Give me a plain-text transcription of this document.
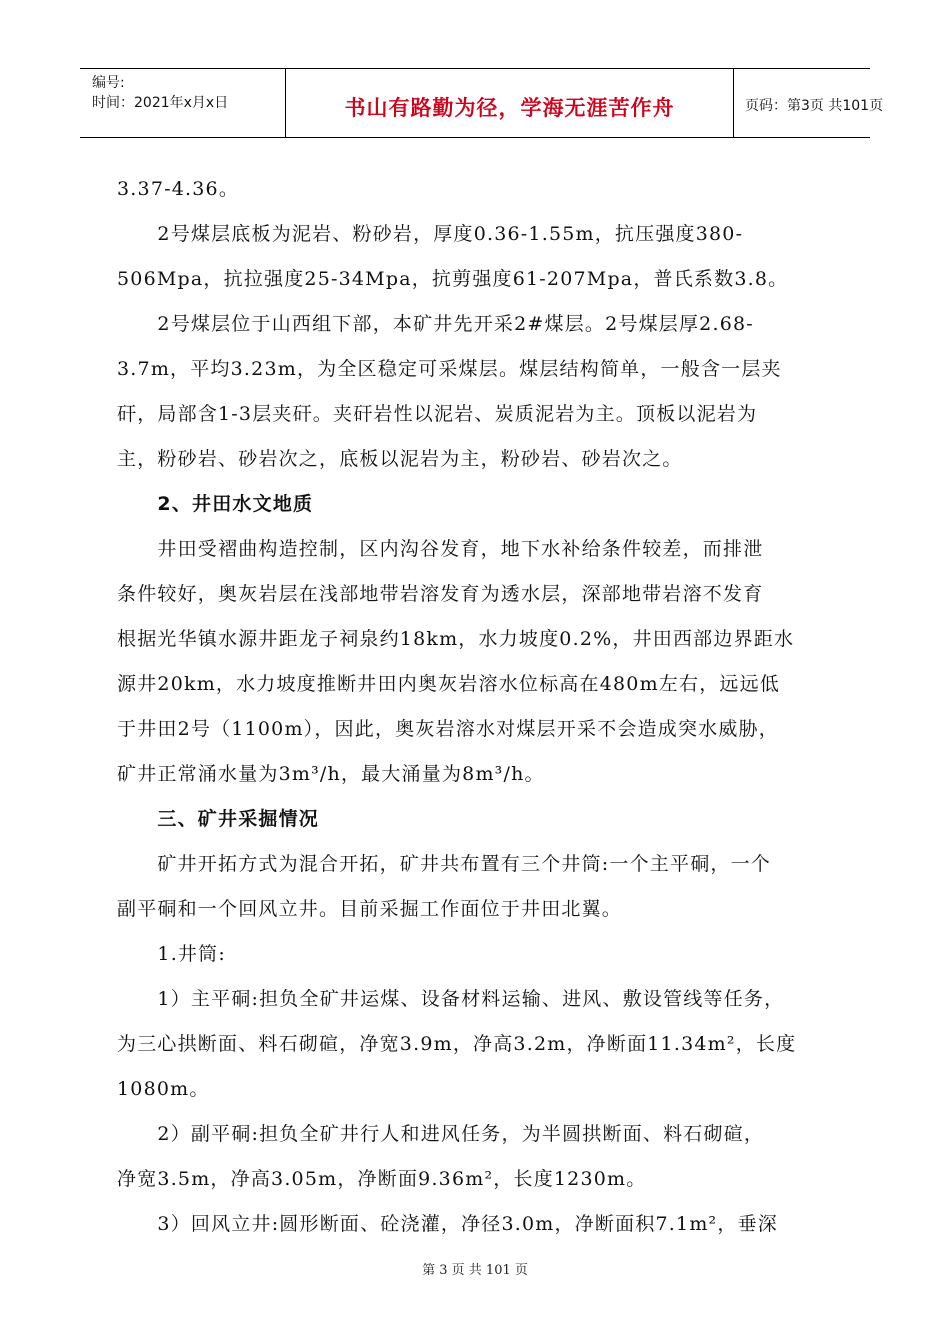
编号:
时间：2021年x月x日	书山有路勤为径，学海无涯苦作舟	页码：第3页 共101页
3.37-4.36。
　　2号煤层底板为泥岩、粉砂岩，厚度0.36-1.55m，抗压强度380-
506Mpa，抗拉强度25-34Mpa，抗剪强度61-207Mpa，普氏系数3.8。
　　2号煤层位于山西组下部，本矿井先开采2#煤层。2号煤层厚2.68-
3.7m，平均3.23m，为全区稳定可采煤层。煤层结构简单，一般含一层夹
矸，局部含1-3层夹矸。夹矸岩性以泥岩、炭质泥岩为主。顶板以泥岩为
主，粉砂岩、砂岩次之，底板以泥岩为主，粉砂岩、砂岩次之。
　　2、井田水文地质
　　井田受褶曲构造控制，区内沟谷发育，地下水补给条件较差，而排泄
条件较好，奥灰岩层在浅部地带岩溶发育为透水层，深部地带岩溶不发育
根据光华镇水源井距龙子祠泉约18km，水力坡度0.2%，井田西部边界距水
源井20km，水力坡度推断井田内奥灰岩溶水位标高在480m左右，远远低
于井田2号（1100m），因此，奥灰岩溶水对煤层开采不会造成突水威胁，
矿井正常涌水量为3m³/h，最大涌量为8m³/h。
　　三、矿井采掘情况
　　矿井开拓方式为混合开拓，矿井共布置有三个井筒:一个主平硐，一个
副平硐和一个回风立井。目前采掘工作面位于井田北翼。
　　1.井筒:
　　1）主平硐:担负全矿井运煤、设备材料运输、进风、敷设管线等任务，
为三心拱断面、料石砌碹，净宽3.9m，净高3.2m，净断面11.34m²，长度
1080m。
　　2）副平硐:担负全矿井行人和进风任务，为半圆拱断面、料石砌碹，
净宽3.5m，净高3.05m，净断面9.36m²，长度1230m。
　　3）回风立井:圆形断面、砼浇灌，净径3.0m，净断面积7.1m²，垂深
第 3 页 共 101 页
